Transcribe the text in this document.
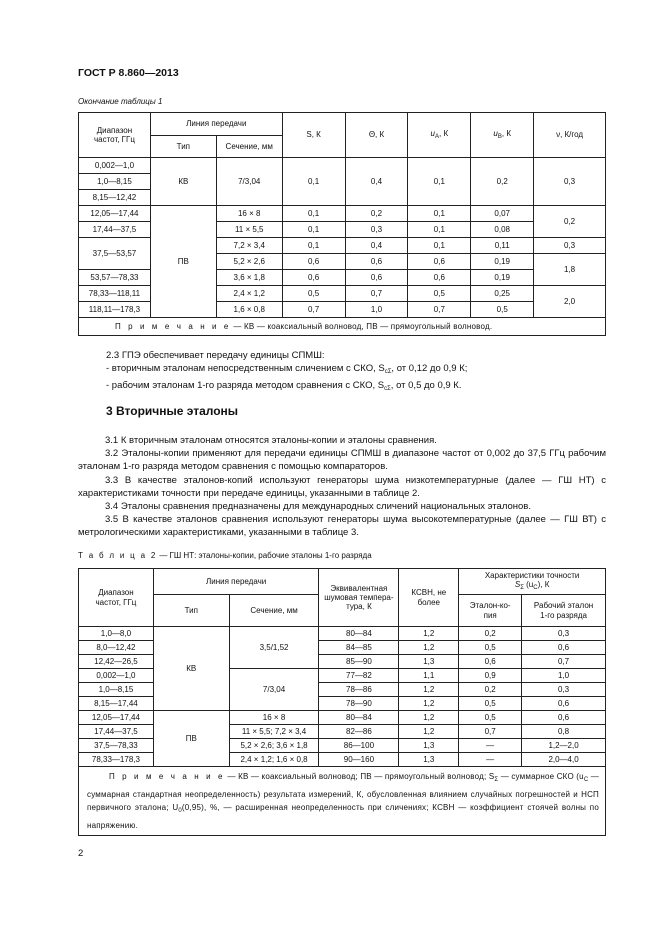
ГОСТ Р 8.860—2013
Окончание таблицы 1
Диапазон
частот, ГГц	Линия передачи		S, К	Θ, К	$u_A$, К	$u_B$, К	ν, К/год
	Тип	Сечение, мм					
0,002—1,0	КВ	7/3,04	0,1	0,4	0,1	0,2	0,3
1,0—8,15							
8,15—12,42							
12,05—17,44	ПВ	16 × 8	0,1	0,2	0,1	0,07	0,2
17,44—37,5		11 × 5,5	0,1	0,3	0,1	0,08	
37,5—53,57		7,2 × 3,4	0,1	0,4	0,1	0,11	0,3
		5,2 × 2,6	0,6	0,6	0,6	0,19	1,8
53,57—78,33		3,6 × 1,8	0,6	0,6	0,6	0,19	
78,33—118,11		2,4 × 1,2	0,5	0,7	0,5	0,25	2,0
118,11—178,3		1,6 × 0,8	0,7	1,0	0,7	0,5	
П р и м е ч а н и е — КВ — коаксиальный волновод, ПВ — прямоугольный волновод.							
2.3 ГПЭ обеспечивает передачу единицы СПМШ:
- вторичным эталонам непосредственным сличением с СКО, $S_{c\Sigma}$, от 0,12 до 0,9 К;
- рабочим эталонам 1-го разряда методом сравнения с СКО, $S_{c\Sigma}$, от 0,5 до 0,9 К.
3 Вторичные эталоны
3.1 К вторичным эталонам относятся эталоны-копии и эталоны сравнения.
3.2 Эталоны-копии применяют для передачи единицы СПМШ в диапазоне частот от 0,002 до 37,5 ГГц рабочим эталонам 1-го разряда методом сравнения с помощью компараторов.
3.3 В качестве эталонов-копий используют генераторы шума низкотемпературные (далее — ГШ НТ) с характеристиками точности при передаче единицы, указанными в таблице 2.
3.4 Эталоны сравнения предназначены для международных сличений национальных эталонов.
3.5 В качестве эталонов сравнения используют генераторы шума высокотемпературные (далее — ГШ ВТ) с метрологическими характеристиками, указанными в таблице 3.
Т а б л и ц а 2 — ГШ НТ: эталоны-копии, рабочие эталоны 1-го разряда
Диапазон
частот, ГГц	Линия передачи		Эквивалентная
шумовая темпера-
тура, К	КСВН, не более	Характеристики точности
$S_\Sigma$ $(u_C)$, К	
	Тип	Сечение, мм			Эталон-ко-
пия	Рабочий эталон
1-го разряда
1,0—8,0	КВ	3,5/1,52	80—84	1,2	0,2	0,3
8,0—12,42			84—85	1,2	0,5	0,6
12,42—26,5			85—90	1,3	0,6	0,7
0,002—1,0		7/3,04	77—82	1,1	0,9	1,0
1,0—8,15			78—86	1,2	0,2	0,3
8,15—17,44			78—90	1,2	0,5	0,6
12,05—17,44	ПВ	16 × 8	80—84	1,2	0,5	0,6
17,44—37,5		11 × 5,5; 7,2 × 3,4	82—86	1,2	0,7	0,8
37,5—78,33		5,2 × 2,6; 3,6 × 1,8	86—100	1,3	—	1,2—2,0
78,33—178,3		2,4 × 1,2; 1,6 × 0,8	90—160	1,3	—	2,0—4,0
П р и м е ч а н и е — КВ — коаксиальный волновод; ПВ — прямоугольный волновод; $S_\Sigma$ — суммарное СКО ($u_C$ — суммарная стандартная неопределенность) результата измерений, К, обусловленная влиянием случайных погрешностей и НСП первичного эталона; $U_0(0,95)$, %, — расширенная неопределенность при сличениях; КСВН — коэффициент стоячей волны по напряжению.						
2
